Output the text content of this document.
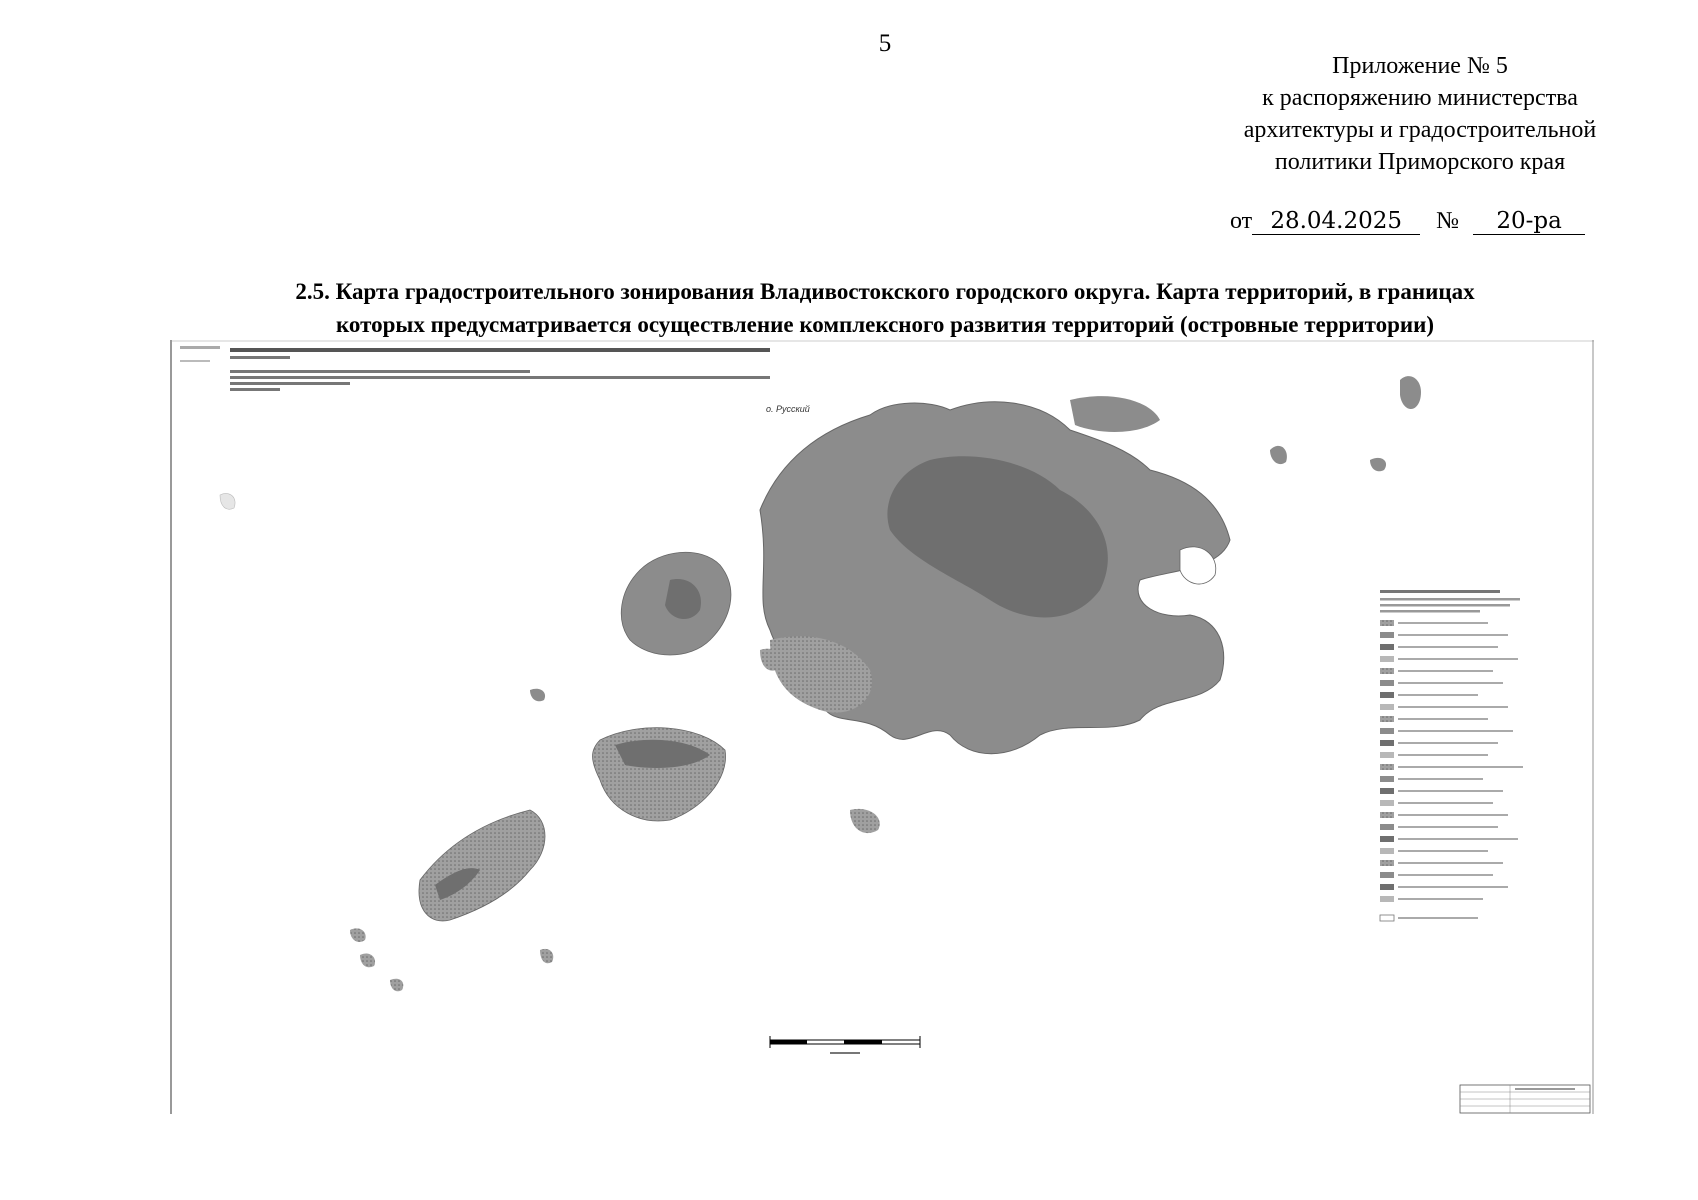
5
Приложение № 5
к распоряжению министерства
архитектуры и градостроительной
политики Приморского края
от 28.04.2025 № 20-ра
2.5. Карта градостроительного зонирования Владивостокского городского округа. Карта территорий, в границах
которых предусматривается осуществление комплексного развития территорий (островные территории)
о. Русский
